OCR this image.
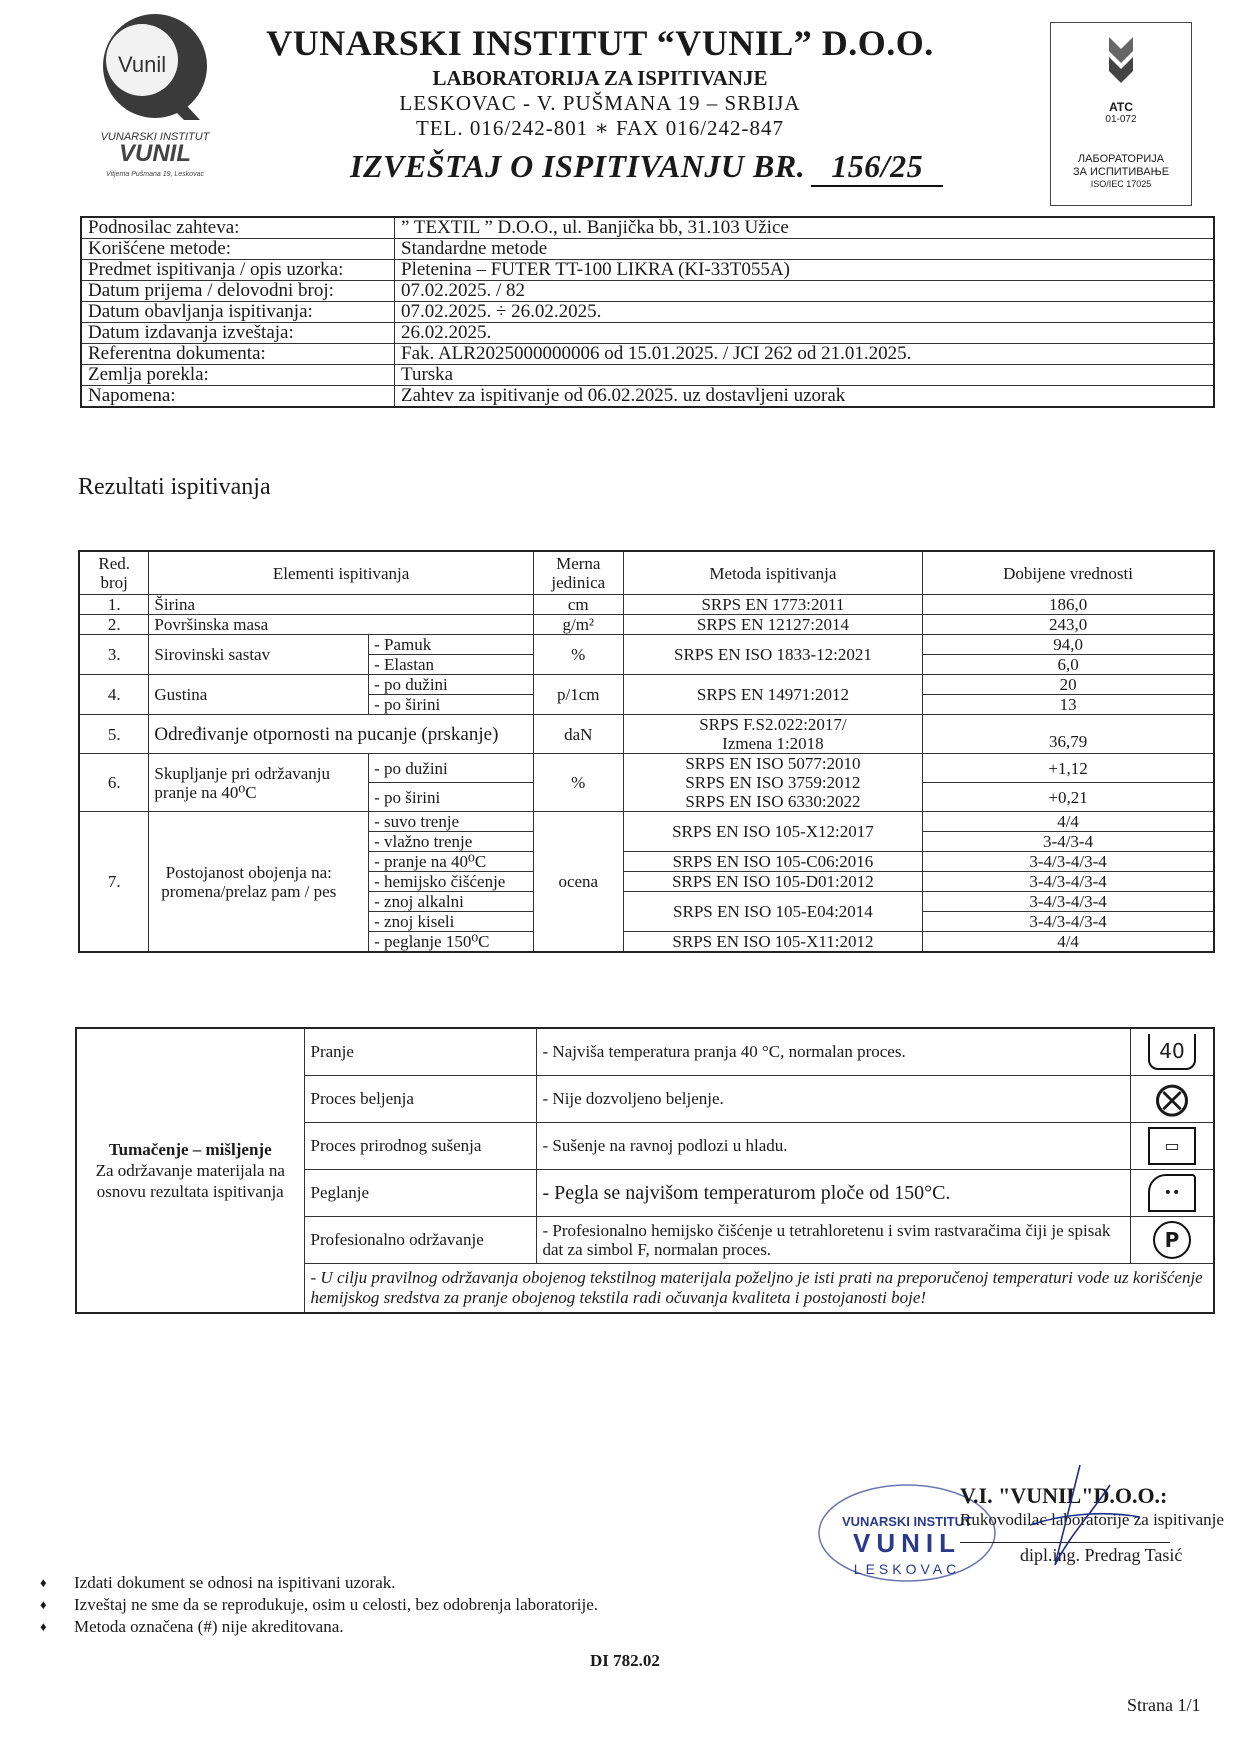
Vunil
VUNARSKI INSTITUT
VUNIL
Vitjema Pušmana 19, Leskovac
VUNARSKI INSTITUT “VUNIL” D.O.O.
LABORATORIJA ZA ISPITIVANJE
LESKOVAC - V. PUŠMANA 19 – SRBIJA
TEL. 016/242-801 ∗ FAX 016/242-847
IZVEŠTAJ O ISPITIVANJU BR. 156/25
ATC
01-072
ЛАБОРАТОРИЈА
ЗА ИСПИТИВАЊЕ
ISO/IEC 17025
Podnosilac zahteva:	” TEXTIL ” D.O.O., ul. Banjička bb, 31.103 Užice
Korišćene metode:	Standardne metode
Predmet ispitivanja / opis uzorka:	Pletenina – FUTER TT-100 LIKRA (KI-33T055A)
Datum prijema / delovodni broj:	07.02.2025. / 82
Datum obavljanja ispitivanja:	07.02.2025. ÷ 26.02.2025.
Datum izdavanja izveštaja:	26.02.2025.
Referentna dokumenta:	Fak. ALR2025000000006 od 15.01.2025. / JCI 262 od 21.01.2025.
Zemlja porekla:	Turska
Napomena:	Zahtev za ispitivanje od 06.02.2025. uz dostavljeni uzorak
Rezultati ispitivanja
Red. broj	Elementi ispitivanja		Merna jedinica	Metoda ispitivanja	Dobijene vrednosti
1.	Širina		cm	SRPS EN 1773:2011	186,0
2.	Površinska masa		g/m²	SRPS EN 12127:2014	243,0
3.	Sirovinski sastav	- Pamuk	%	SRPS EN ISO 1833-12:2021	94,0
		- Elastan			6,0
4.	Gustina	- po dužini	p/1cm	SRPS EN 14971:2012	20
		- po širini			13
5.	Određivanje otpornosti na pucanje (prskanje)		daN	SRPS F.S2.022:2017/
Izmena 1:2018	36,79
6.	Skupljanje pri održavanju pranje na 40⁰C	- po dužini	%	SRPS EN ISO 5077:2010
SRPS EN ISO 3759:2012
SRPS EN ISO 6330:2022	+1,12
		- po širini			+0,21
7.	Postojanost obojenja na: promena/prelaz pam / pes	- suvo trenje	ocena	SRPS EN ISO 105-X12:2017	4/4
		- vlažno trenje			3-4/3-4
		- pranje na 40⁰C		SRPS EN ISO 105-C06:2016	3-4/3-4/3-4
		- hemijsko čišćenje		SRPS EN ISO 105-D01:2012	3-4/3-4/3-4
		- znoj alkalni		SRPS EN ISO 105-E04:2014	3-4/3-4/3-4
		- znoj kiseli			3-4/3-4/3-4
		- peglanje 150⁰C		SRPS EN ISO 105-X11:2012	4/4
Tumačenje – mišljenje
Za održavanje materijala na osnovu rezultata ispitivanja	Pranje	- Najviša temperatura pranja 40 °C, normalan proces.	40
	Proces beljenja	- Nije dozvoljeno beljenje.	⨂
	Proces prirodnog sušenja	- Sušenje na ravnoj podlozi u hladu.	▭
	Peglanje	- Pegla se najvišom temperaturom ploče od 150°C.	••
	Profesionalno održavanje	- Profesionalno hemijsko čišćenje u tetrahloretenu i svim rastvaračima čiji je spisak dat za simbol F, normalan proces.	P
	- U cilju pravilnog održavanja obojenog tekstilnog materijala poželjno je isti prati na preporučenoj temperaturi vode uz korišćenje hemijskog sredstva za pranje obojenog tekstila radi očuvanja kvaliteta i postojanosti boje!		
VUNARSKI INSTITUT
VUNIL
LESKOVAC
V.I. "VUNIL"D.O.O.:
Rukovodilac laboratorije za ispitivanje
dipl.ing. Predrag Tasić
♦ Izdati dokument se odnosi na ispitivani uzorak.
♦ Izveštaj ne sme da se reprodukuje, osim u celosti, bez odobrenja laboratorije.
♦ Metoda označena (#) nije akreditovana.
DI 782.02
Strana 1/1
